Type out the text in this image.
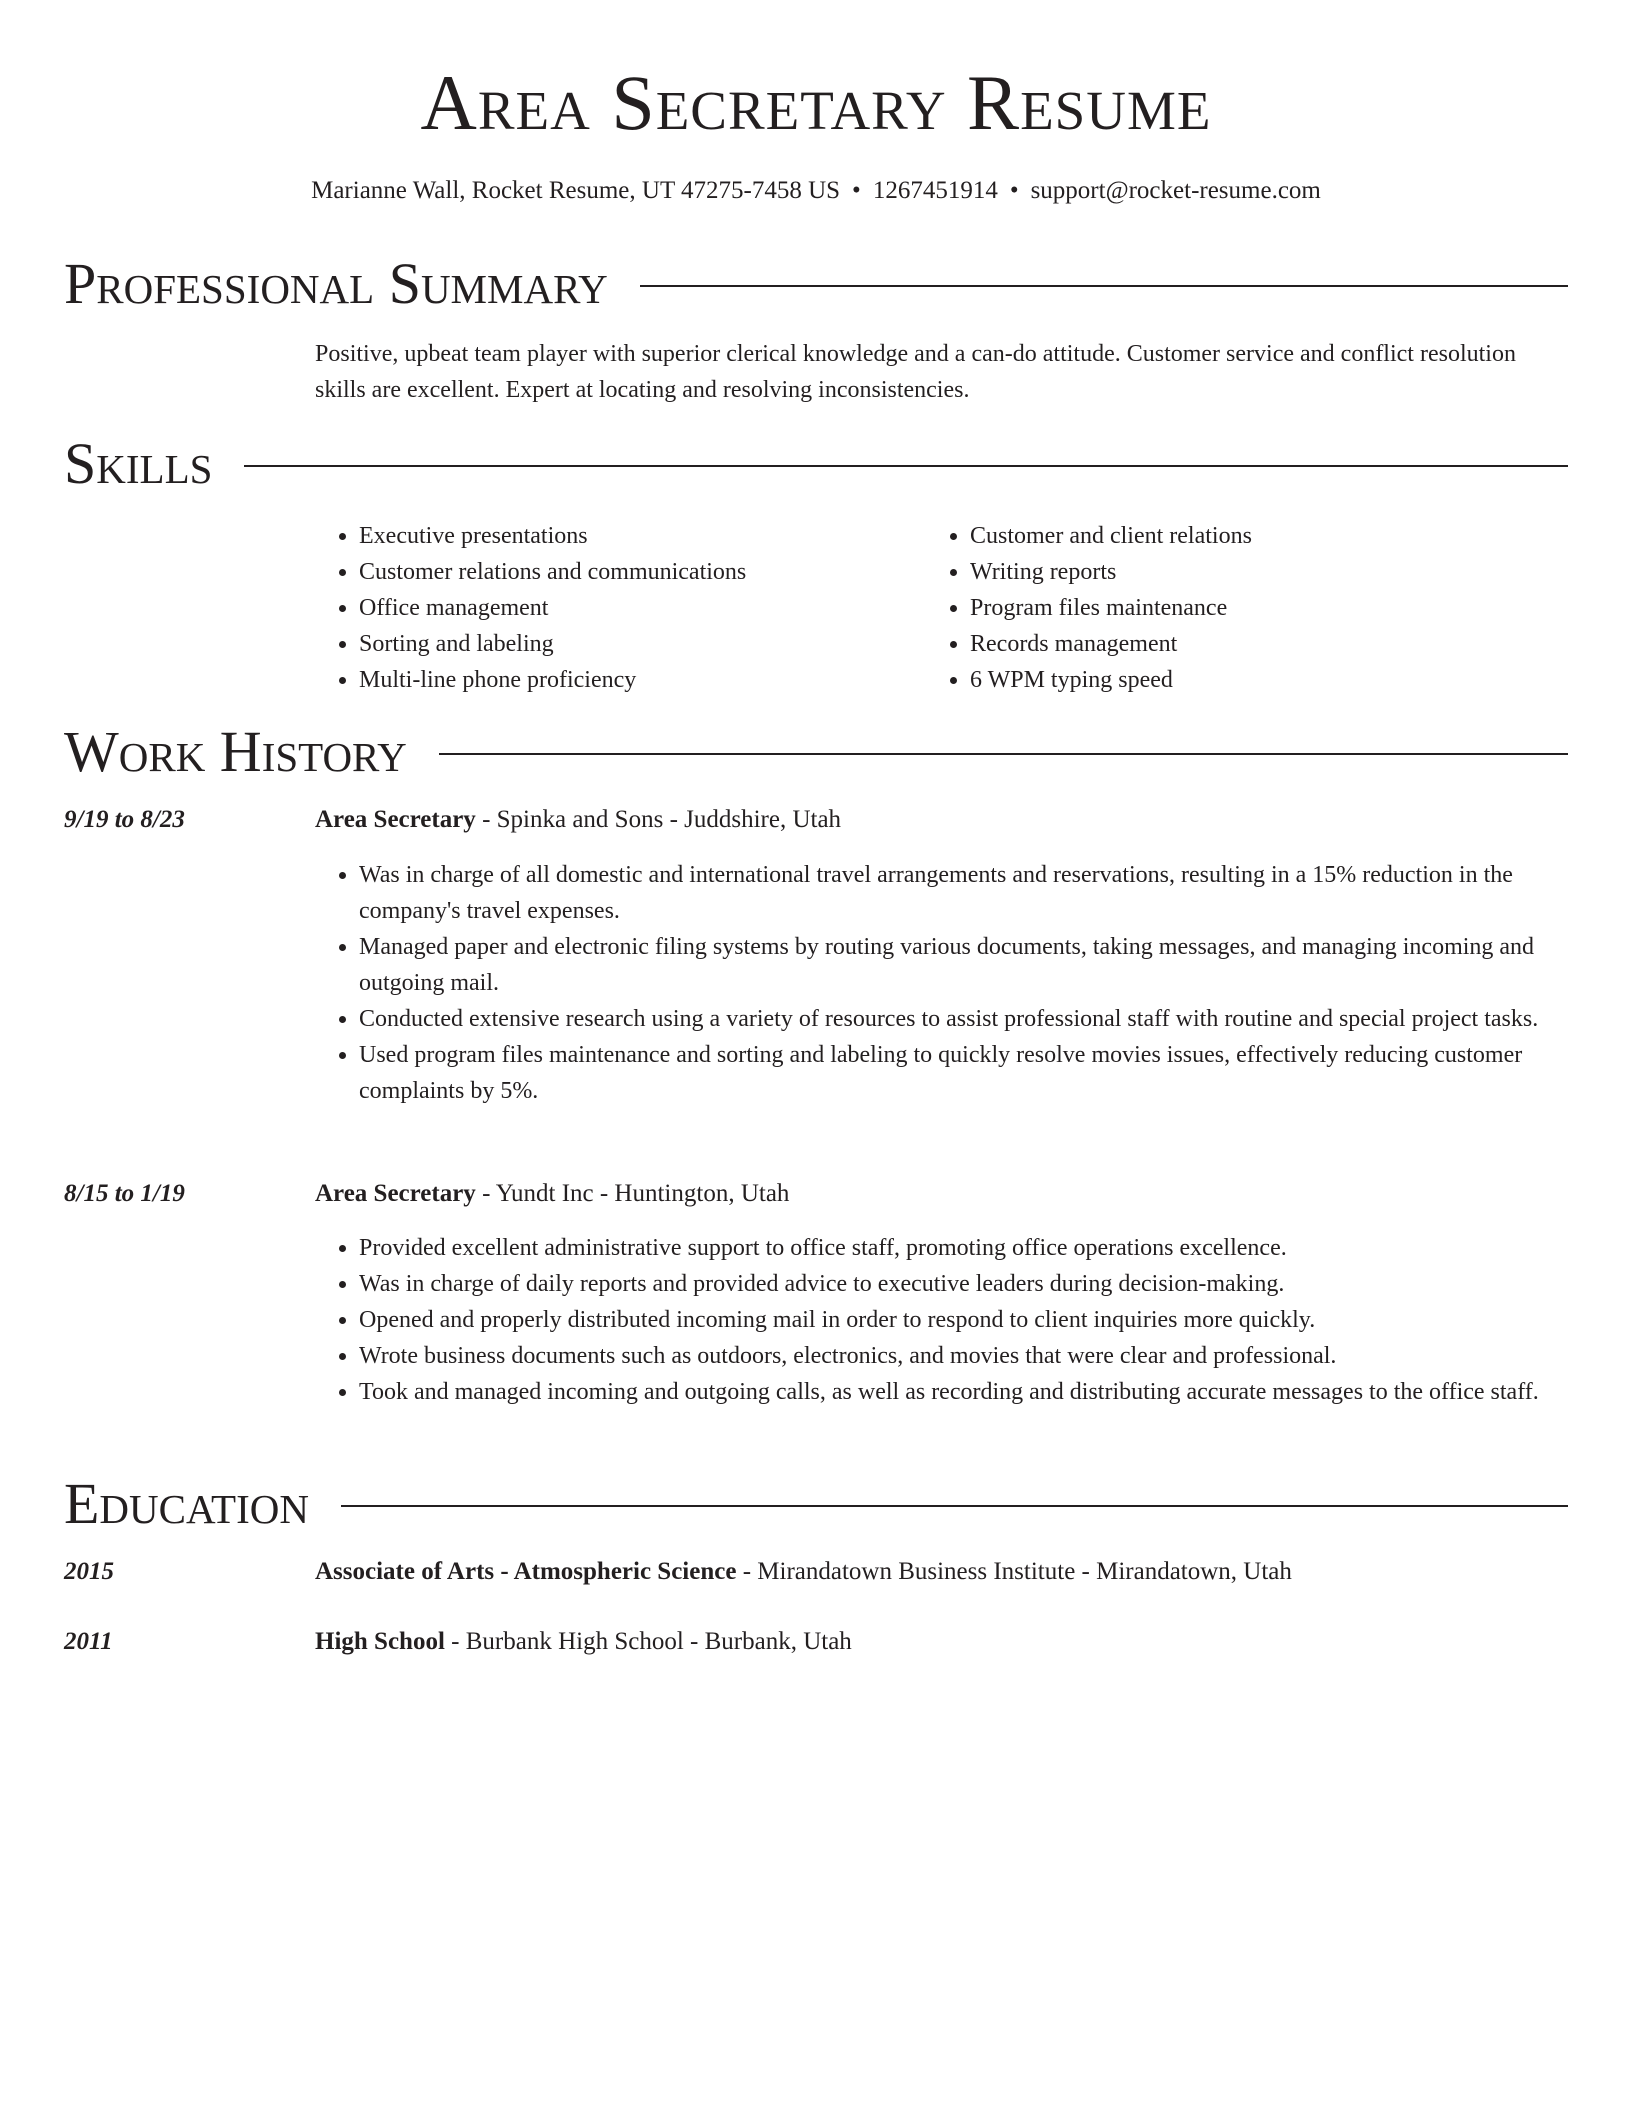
Area Secretary Resume
Marianne Wall, Rocket Resume, UT 47275-7458 US • 1267451914 • support@rocket-resume.com
Professional Summary

Positive, upbeat team player with superior clerical knowledge and a can-do attitude. Customer service and conflict resolution skills are excellent. Expert at locating and resolving inconsistencies.

Skills
• Executive presentations
• Customer relations and communications
• Office management
• Sorting and labeling
• Multi-line phone proficiency
• Customer and client relations
• Writing reports
• Program files maintenance
• Records management
• 6 WPM typing speed
Work History
9/19 to 8/23	Area Secretary - Spinka and Sons - Juddshire, Utah
• Was in charge of all domestic and international travel arrangements and reservations, resulting in a 15% reduction in the company's travel expenses.
• Managed paper and electronic filing systems by routing various documents, taking messages, and managing incoming and outgoing mail.
• Conducted extensive research using a variety of resources to assist professional staff with routine and special project tasks.
• Used program files maintenance and sorting and labeling to quickly resolve movies issues, effectively reducing customer complaints by 5%.
8/15 to 1/19	Area Secretary - Yundt Inc - Huntington, Utah
• Provided excellent administrative support to office staff, promoting office operations excellence.
• Was in charge of daily reports and provided advice to executive leaders during decision-making.
• Opened and properly distributed incoming mail in order to respond to client inquiries more quickly.
• Wrote business documents such as outdoors, electronics, and movies that were clear and professional.
• Took and managed incoming and outgoing calls, as well as recording and distributing accurate messages to the office staff.
Education
2015	Associate of Arts - Atmospheric Science - Mirandatown Business Institute - Mirandatown, Utah
2011	High School - Burbank High School - Burbank, Utah
